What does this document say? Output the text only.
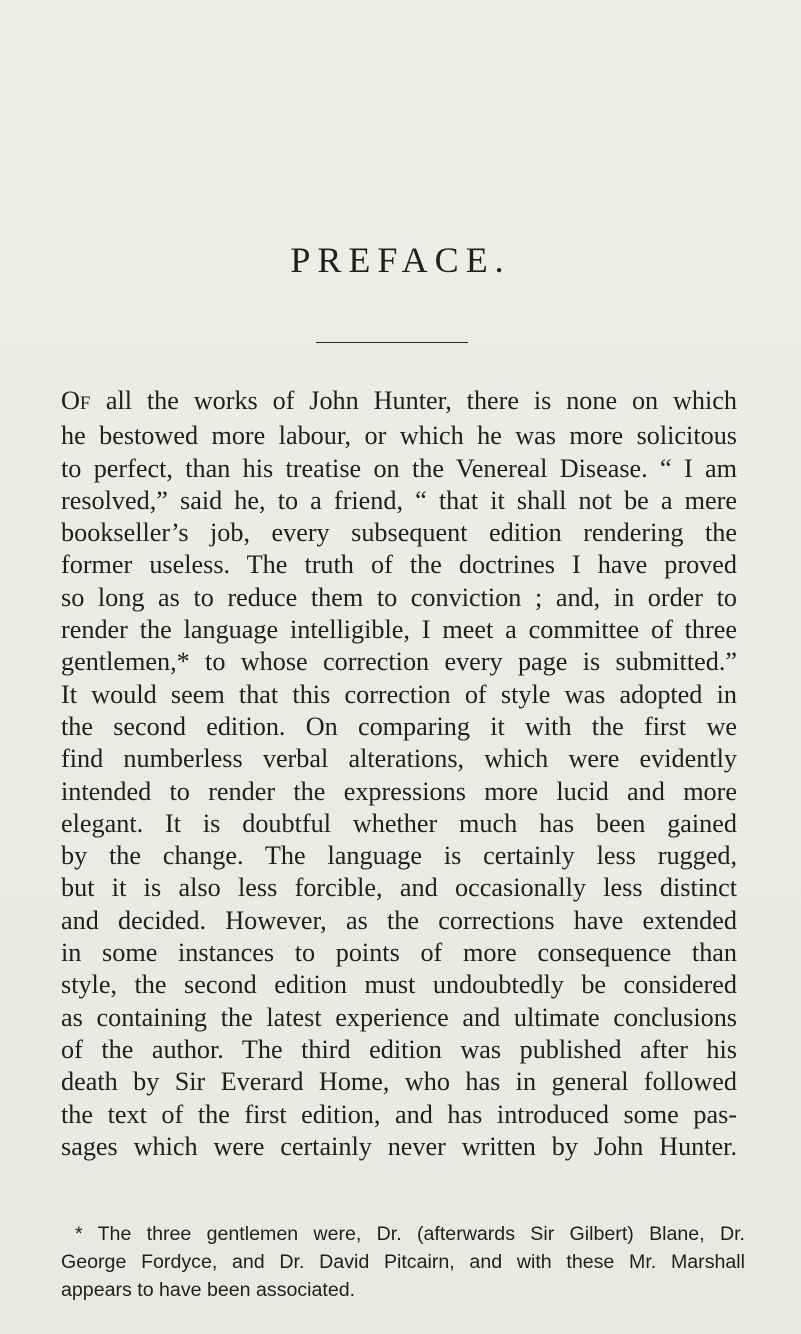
PREFACE.
OF all the works of John Hunter, there is none on which
he bestowed more labour, or which he was more solicitous
to perfect, than his treatise on the Venereal Disease. “ I am
resolved,” said he, to a friend, “ that it shall not be a mere
bookseller’s job, every subsequent edition rendering the
former useless. The truth of the doctrines I have proved
so long as to reduce them to conviction ; and, in order to
render the language intelligible, I meet a committee of three
gentlemen,* to whose correction every page is submitted.”
It would seem that this correction of style was adopted in
the second edition. On comparing it with the first we
find numberless verbal alterations, which were evidently
intended to render the expressions more lucid and more
elegant. It is doubtful whether much has been gained
by the change. The language is certainly less rugged,
but it is also less forcible, and occasionally less distinct
and decided. However, as the corrections have extended
in some instances to points of more consequence than
style, the second edition must undoubtedly be considered
as containing the latest experience and ultimate conclusions
of the author. The third edition was published after his
death by Sir Everard Home, who has in general followed
the text of the first edition, and has introduced some pas-
sages which were certainly never written by John Hunter.
* The three gentlemen were, Dr. (afterwards Sir Gilbert) Blane, Dr.
George Fordyce, and Dr. David Pitcairn, and with these Mr. Marshall
appears to have been associated.
